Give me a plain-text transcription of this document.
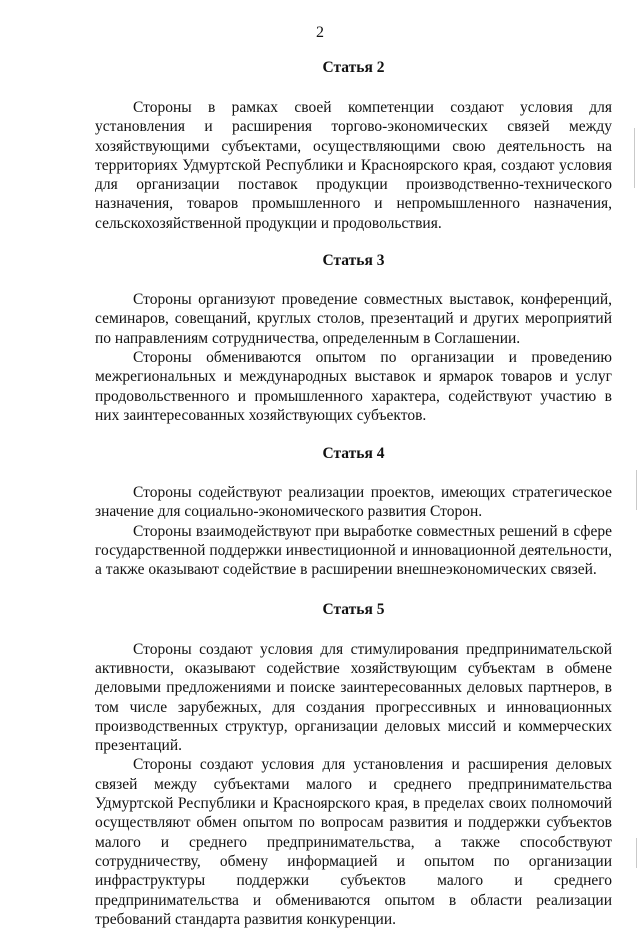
2
Статья 2

Стороны в рамках своей компетенции создают условия для установления и расширения торгово-экономических связей между хозяйствующими субъектами, осуществляющими свою деятельность на территориях Удмуртской Республики и Красноярского края, создают условия для организации поставок продукции производственно-технического назначения, товаров промышленного и непромышленного назначения, сельскохозяйственной продукции и продовольствия.

Статья 3

Стороны организуют проведение совместных выставок, конференций, семинаров, совещаний, круглых столов, презентаций и других мероприятий по направлениям сотрудничества, определенным в Соглашении.

Стороны обмениваются опытом по организации и проведению межрегиональных и международных выставок и ярмарок товаров и услуг продовольственного и промышленного характера, содействуют участию в них заинтересованных хозяйствующих субъектов.

Статья 4

Стороны содействуют реализации проектов, имеющих стратегическое значение для социально-экономического развития Сторон.

Стороны взаимодействуют при выработке совместных решений в сфере государственной поддержки инвестиционной и инновационной деятельности, а также оказывают содействие в расширении внешнеэкономических связей.

Статья 5

Стороны создают условия для стимулирования предпринимательской активности, оказывают содействие хозяйствующим субъектам в обмене деловыми предложениями и поиске заинтересованных деловых партнеров, в том числе зарубежных, для создания прогрессивных и инновационных производственных структур, организации деловых миссий и коммерческих презентаций.

Стороны создают условия для установления и расширения деловых связей между субъектами малого и среднего предпринимательства Удмуртской Республики и Красноярского края, в пределах своих полномочий осуществляют обмен опытом по вопросам развития и поддержки субъектов малого и среднего предпринимательства, а также способствуют сотрудничеству, обмену информацией и опытом по организации инфраструктуры поддержки субъектов малого и среднего предпринимательства и обмениваются опытом в области реализации требований стандарта развития конкуренции.
